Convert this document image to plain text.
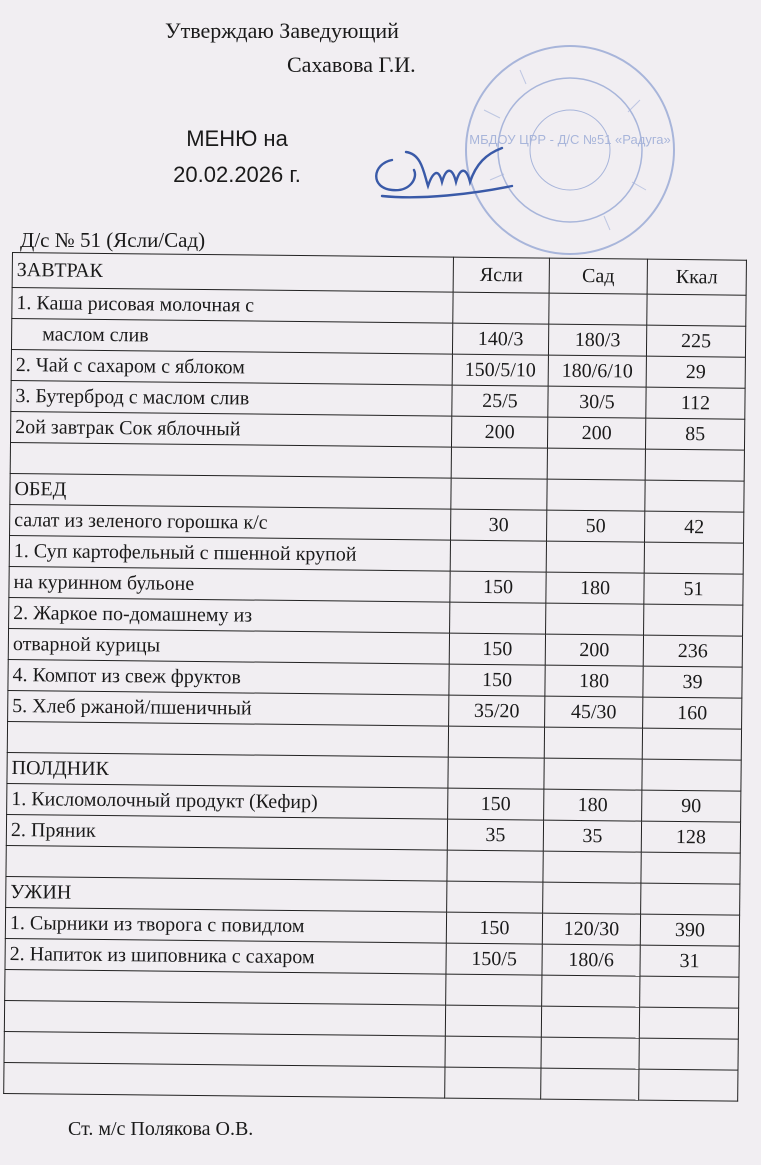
Утверждаю Заведующий
Сахавова Г.И.
МЕНЮ на
20.02.2026 г.
МБДОУ ЦРР - Д/С №51 «Радуга»
Д/с № 51 (Ясли/Сад)
ЗАВТРАК	Ясли	Сад	Ккал
1. Каша рисовая молочная с			
маслом слив	140/3	180/3	225
2. Чай с сахаром с яблоком	150/5/10	180/6/10	29
3. Бутерброд с маслом слив	25/5	30/5	112
2ой завтрак Сок яблочный	200	200	85

ОБЕД			
салат из зеленого горошка к/с	30	50	42
1. Суп картофельный с пшенной крупой			
на куринном бульоне	150	180	51
2. Жаркое по-домашнему из			
отварной курицы	150	200	236
4. Компот из свеж фруктов	150	180	39
5. Хлеб ржаной/пшеничный	35/20	45/30	160

ПОЛДНИК			
1. Кисломолочный продукт (Кефир)	150	180	90
2. Пряник	35	35	128

УЖИН			
1. Сырники из творога с повидлом	150	120/30	390
2. Напиток из шиповника с сахаром	150/5	180/6	31

Ст. м/с Полякова О.В.
